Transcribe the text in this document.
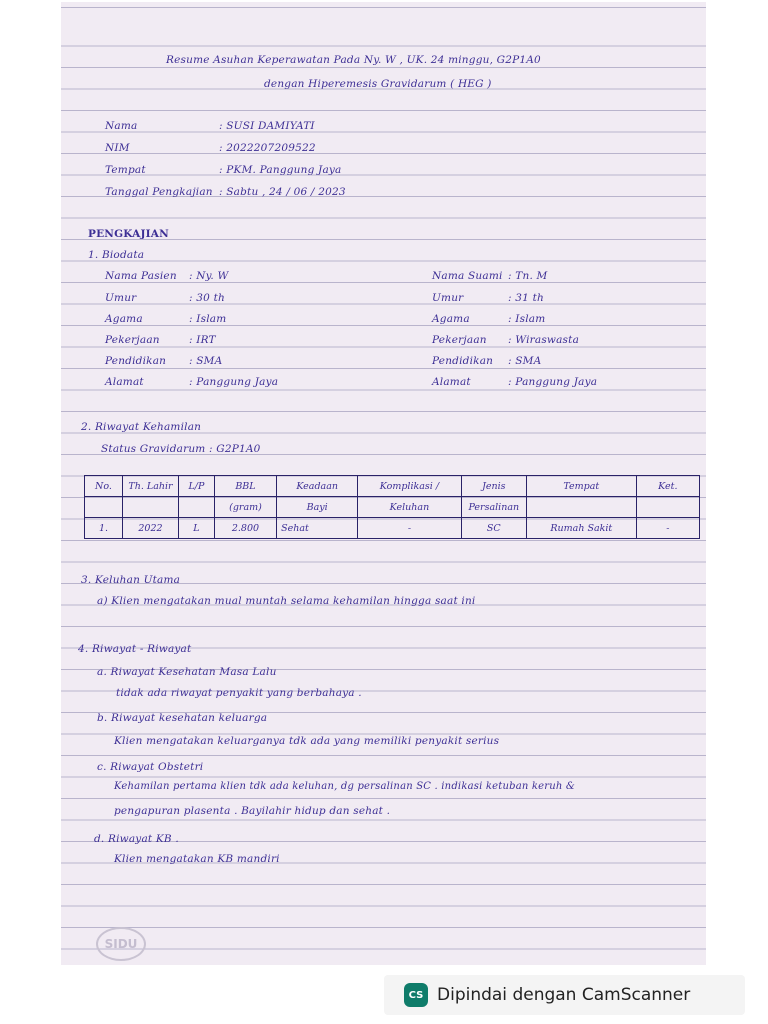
Resume Asuhan Keperawatan Pada Ny. W , UK. 24 minggu, G2P1A0
dengan Hiperemesis Gravidarum ( HEG )
Nama	: SUSI DAMIYATI
NIM	: 2022207209522
Tempat	: PKM. Panggung Jaya
Tanggal Pengkajian : Sabtu , 24 / 06 / 2023
PENGKAJIAN
1. Biodata
Nama Pasien : Ny. W
Umur	: 30 th
Agama	: Islam
Pekerjaan	: IRT
Pendidikan : SMA
Alamat	: Panggung Jaya
Nama Suami : Tn. M
Umur	: 31 th
Agama	: Islam
Pekerjaan : Wiraswasta
Pendidikan : SMA
Alamat	: Panggung Jaya
2. Riwayat Kehamilan
Status Gravidarum : G2P1A0
No.	Th. Lahir	L/P	BBL	Keadaan	Komplikasi /	Jenis	Tempat	Ket.
			(gram)	Bayi	Keluhan	Persalinan		
1.	2022	L	2.800	Sehat	-	SC	Rumah Sakit	-
3. Keluhan Utama
a) Klien mengatakan mual muntah selama kehamilan hingga saat ini
4. Riwayat - Riwayat
a. Riwayat Kesehatan Masa Lalu
tidak ada riwayat penyakit yang berbahaya .
b. Riwayat kesehatan keluarga
Klien mengatakan keluarganya tdk ada yang memiliki penyakit serius
c. Riwayat Obstetri
Kehamilan pertama klien tdk ada keluhan, dg persalinan SC . indikasi ketuban keruh &
pengapuran plasenta . Bayilahir hidup dan sehat .
d. Riwayat KB .
Klien mengatakan KB mandiri
SIDU
CS Dipindai dengan CamScanner
